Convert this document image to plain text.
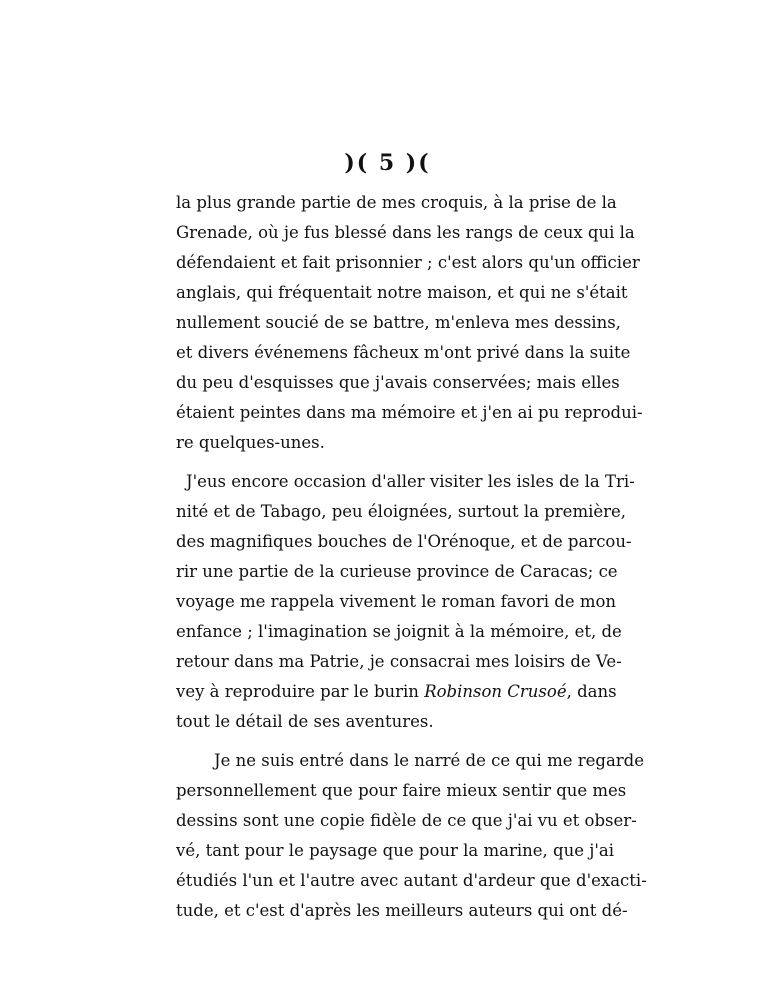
)( 5 )(
la plus grande partie de mes croquis, à la prise de la
Grenade, où je fus blessé dans les rangs de ceux qui la
défendaient et fait prisonnier ; c'est alors qu'un officier
anglais, qui fréquentait notre maison, et qui ne s'était
nullement soucié de se battre, m'enleva mes dessins,
et divers événemens fâcheux m'ont privé dans la suite
du peu d'esquisses que j'avais conservées; mais elles
étaient peintes dans ma mémoire et j'en ai pu reprodui-
re quelques-unes.
J'eus encore occasion d'aller visiter les isles de la Tri-
nité et de Tabago, peu éloignées, surtout la première,
des magnifiques bouches de l'Orénoque, et de parcou-
rir une partie de la curieuse province de Caracas; ce
voyage me rappela vivement le roman favori de mon
enfance ; l'imagination se joignit à la mémoire, et, de
retour dans ma Patrie, je consacrai mes loisirs de Ve-
vey à reproduire par le burin Robinson Crusoé, dans
tout le détail de ses aventures.
Je ne suis entré dans le narré de ce qui me regarde
personnellement que pour faire mieux sentir que mes
dessins sont une copie fidèle de ce que j'ai vu et obser-
vé, tant pour le paysage que pour la marine, que j'ai
étudiés l'un et l'autre avec autant d'ardeur que d'exacti-
tude, et c'est d'après les meilleurs auteurs qui ont dé-
